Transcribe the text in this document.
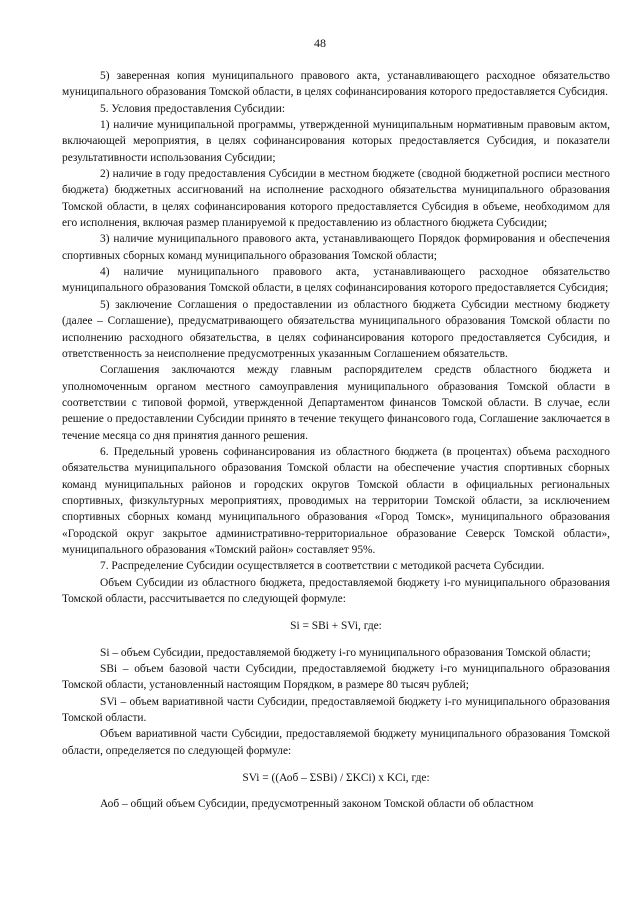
48

5) заверенная копия муниципального правового акта, устанавливающего расходное обязательство муниципального образования Томской области, в целях софинансирования которого предоставляется Субсидия.

5. Условия предоставления Субсидии:

1) наличие муниципальной программы, утвержденной муниципальным нормативным правовым актом, включающей мероприятия, в целях софинансирования которых предоставляется Субсидия, и показатели результативности использования Субсидии;

2) наличие в году предоставления Субсидии в местном бюджете (сводной бюджетной росписи местного бюджета) бюджетных ассигнований на исполнение расходного обязательства муниципального образования Томской области, в целях софинансирования которого предоставляется Субсидия в объеме, необходимом для его исполнения, включая размер планируемой к предоставлению из областного бюджета Субсидии;

3) наличие муниципального правового акта, устанавливающего Порядок формирования и обеспечения спортивных сборных команд муниципального образования Томской области;

4) наличие муниципального правового акта, устанавливающего расходное обязательство муниципального образования Томской области, в целях софинансирования которого предоставляется Субсидия;

5) заключение Соглашения о предоставлении из областного бюджета Субсидии местному бюджету (далее – Соглашение), предусматривающего обязательства муниципального образования Томской области по исполнению расходного обязательства, в целях софинансирования которого предоставляется Субсидия, и ответственность за неисполнение предусмотренных указанным Соглашением обязательств.

Соглашения заключаются между главным распорядителем средств областного бюджета и уполномоченным органом местного самоуправления муниципального образования Томской области в соответствии с типовой формой, утвержденной Департаментом финансов Томской области. В случае, если решение о предоставлении Субсидии принято в течение текущего финансового года, Соглашение заключается в течение месяца со дня принятия данного решения.

6. Предельный уровень софинансирования из областного бюджета (в процентах) объема расходного обязательства муниципального образования Томской области на обеспечение участия спортивных сборных команд муниципальных районов и городских округов Томской области в официальных региональных спортивных, физкультурных мероприятиях, проводимых на территории Томской области, за исключением спортивных сборных команд муниципального образования «Город Томск», муниципального образования «Городской округ закрытое административно-территориальное образование Северск Томской области», муниципального образования «Томский район» составляет 95%.

7. Распределение Субсидии осуществляется в соответствии с методикой расчета Субсидии.

Объем Субсидии из областного бюджета, предоставляемой бюджету i-го муниципального образования Томской области, рассчитывается по следующей формуле:

Si = SBi + SVi, где:

Si – объем Субсидии, предоставляемой бюджету i-го муниципального образования Томской области;

SBi – объем базовой части Субсидии, предоставляемой бюджету i-го муниципального образования Томской области, установленный настоящим Порядком, в размере 80 тысяч рублей;

SVi – объем вариативной части Субсидии, предоставляемой бюджету i-го муниципального образования Томской области.

Объем вариативной части Субсидии, предоставляемой бюджету муниципального образования Томской области, определяется по следующей формуле:

SVi = ((Аоб – ΣSBi) / ΣKCi) x KCi, где:

Аоб – общий объем Субсидии, предусмотренный законом Томской области об областном
